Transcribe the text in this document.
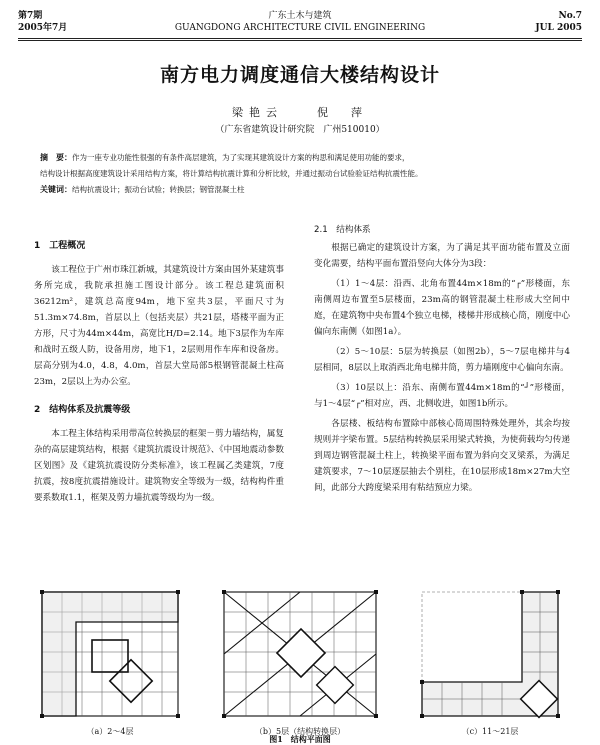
第7期
2005年7月
广东土木与建筑
GUANGDONG ARCHITECTURE CIVIL ENGINEERING
No.7
JUL 2005
南方电力调度通信大楼结构设计
梁艳云　　倪　萍
（广东省建筑设计研究院　广州510010）
摘　要：作为一座专业功能性很强的有条件高层建筑，为了实现其建筑设计方案的构思和满足使用功能的要求，
结构设计根据高度建筑设计采用结构方案，将计算结构抗震计算和分析比较，并通过振动台试验验证结构抗震性能。
关键词：结构抗震设计；振动台试验；转换层；钢管混凝土柱
1　工程概况
该工程位于广州市珠江新城，其建筑设计方案由国外某建筑事务所完成，我院承担施工图设计部分。该工程总建筑面积36212m²，建筑总高度94m，地下室共3层，平面尺寸为51.3m×74.8m，首层以上（包括夹层）共21层，塔楼平面为正方形，尺寸为44m×44m，高宽比H/D=2.14。地下3层作为车库和战时五级人防，设备用房，地下1，2层则用作车库和设备房。层高分别为4.0，4.8，4.0m，首层大堂局部5根钢管混凝土柱高23m，2层以上为办公室。
2　结构体系及抗震等级
本工程主体结构采用带高位转换层的框架－剪力墙结构，属复杂的高层建筑结构，根据《建筑抗震设计规范》、《中国地震动参数区划图》及《建筑抗震设防分类标准》，该工程属乙类建筑，7度抗震，按8度抗震措施设计。建筑物安全等级为一级，结构构件重要系数取1.1，框架及剪力墙抗震等级均为一级。
2.1　结构体系
根据已确定的建筑设计方案，为了满足其平面功能布置及立面变化需要，结构平面布置沿竖向大体分为3段：
（1）1～4层：沿西、北角布置44m×18m的“┌”形楼面，东南侧周边布置至5层楼面，23m高的钢管混凝土柱形成大空间中庭，在建筑物中央布置4个独立电梯，楼梯井形成核心筒，刚度中心偏向东南侧（如图1a）。
（2）5～10层：5层为转换层（如图2b），5～7层电梯井与4层相同，8层以上取消西北角电梯井筒，剪力墙刚度中心偏向东南。
（3）10层以上：沿东、南侧布置44m×18m的“┘”形楼面，与1～4层“┌”相对应，西、北侧收进，如图1b所示。
各层楼、板结构布置除中部核心筒周围特殊处理外，其余均按规则并字梁布置。5层结构转换层采用梁式转换，为使荷载均匀传递到周边钢管混凝土柱上，转换梁平面布置为斜向交叉梁系，为满足建筑要求，7～10层逐层抽去个别柱，在10层形成18m×27m大空间，此部分大跨度梁采用有粘结预应力梁。
（a）2～4层	（b）5层（结构转换层）	（c）11～21层
图1　结构平面图
